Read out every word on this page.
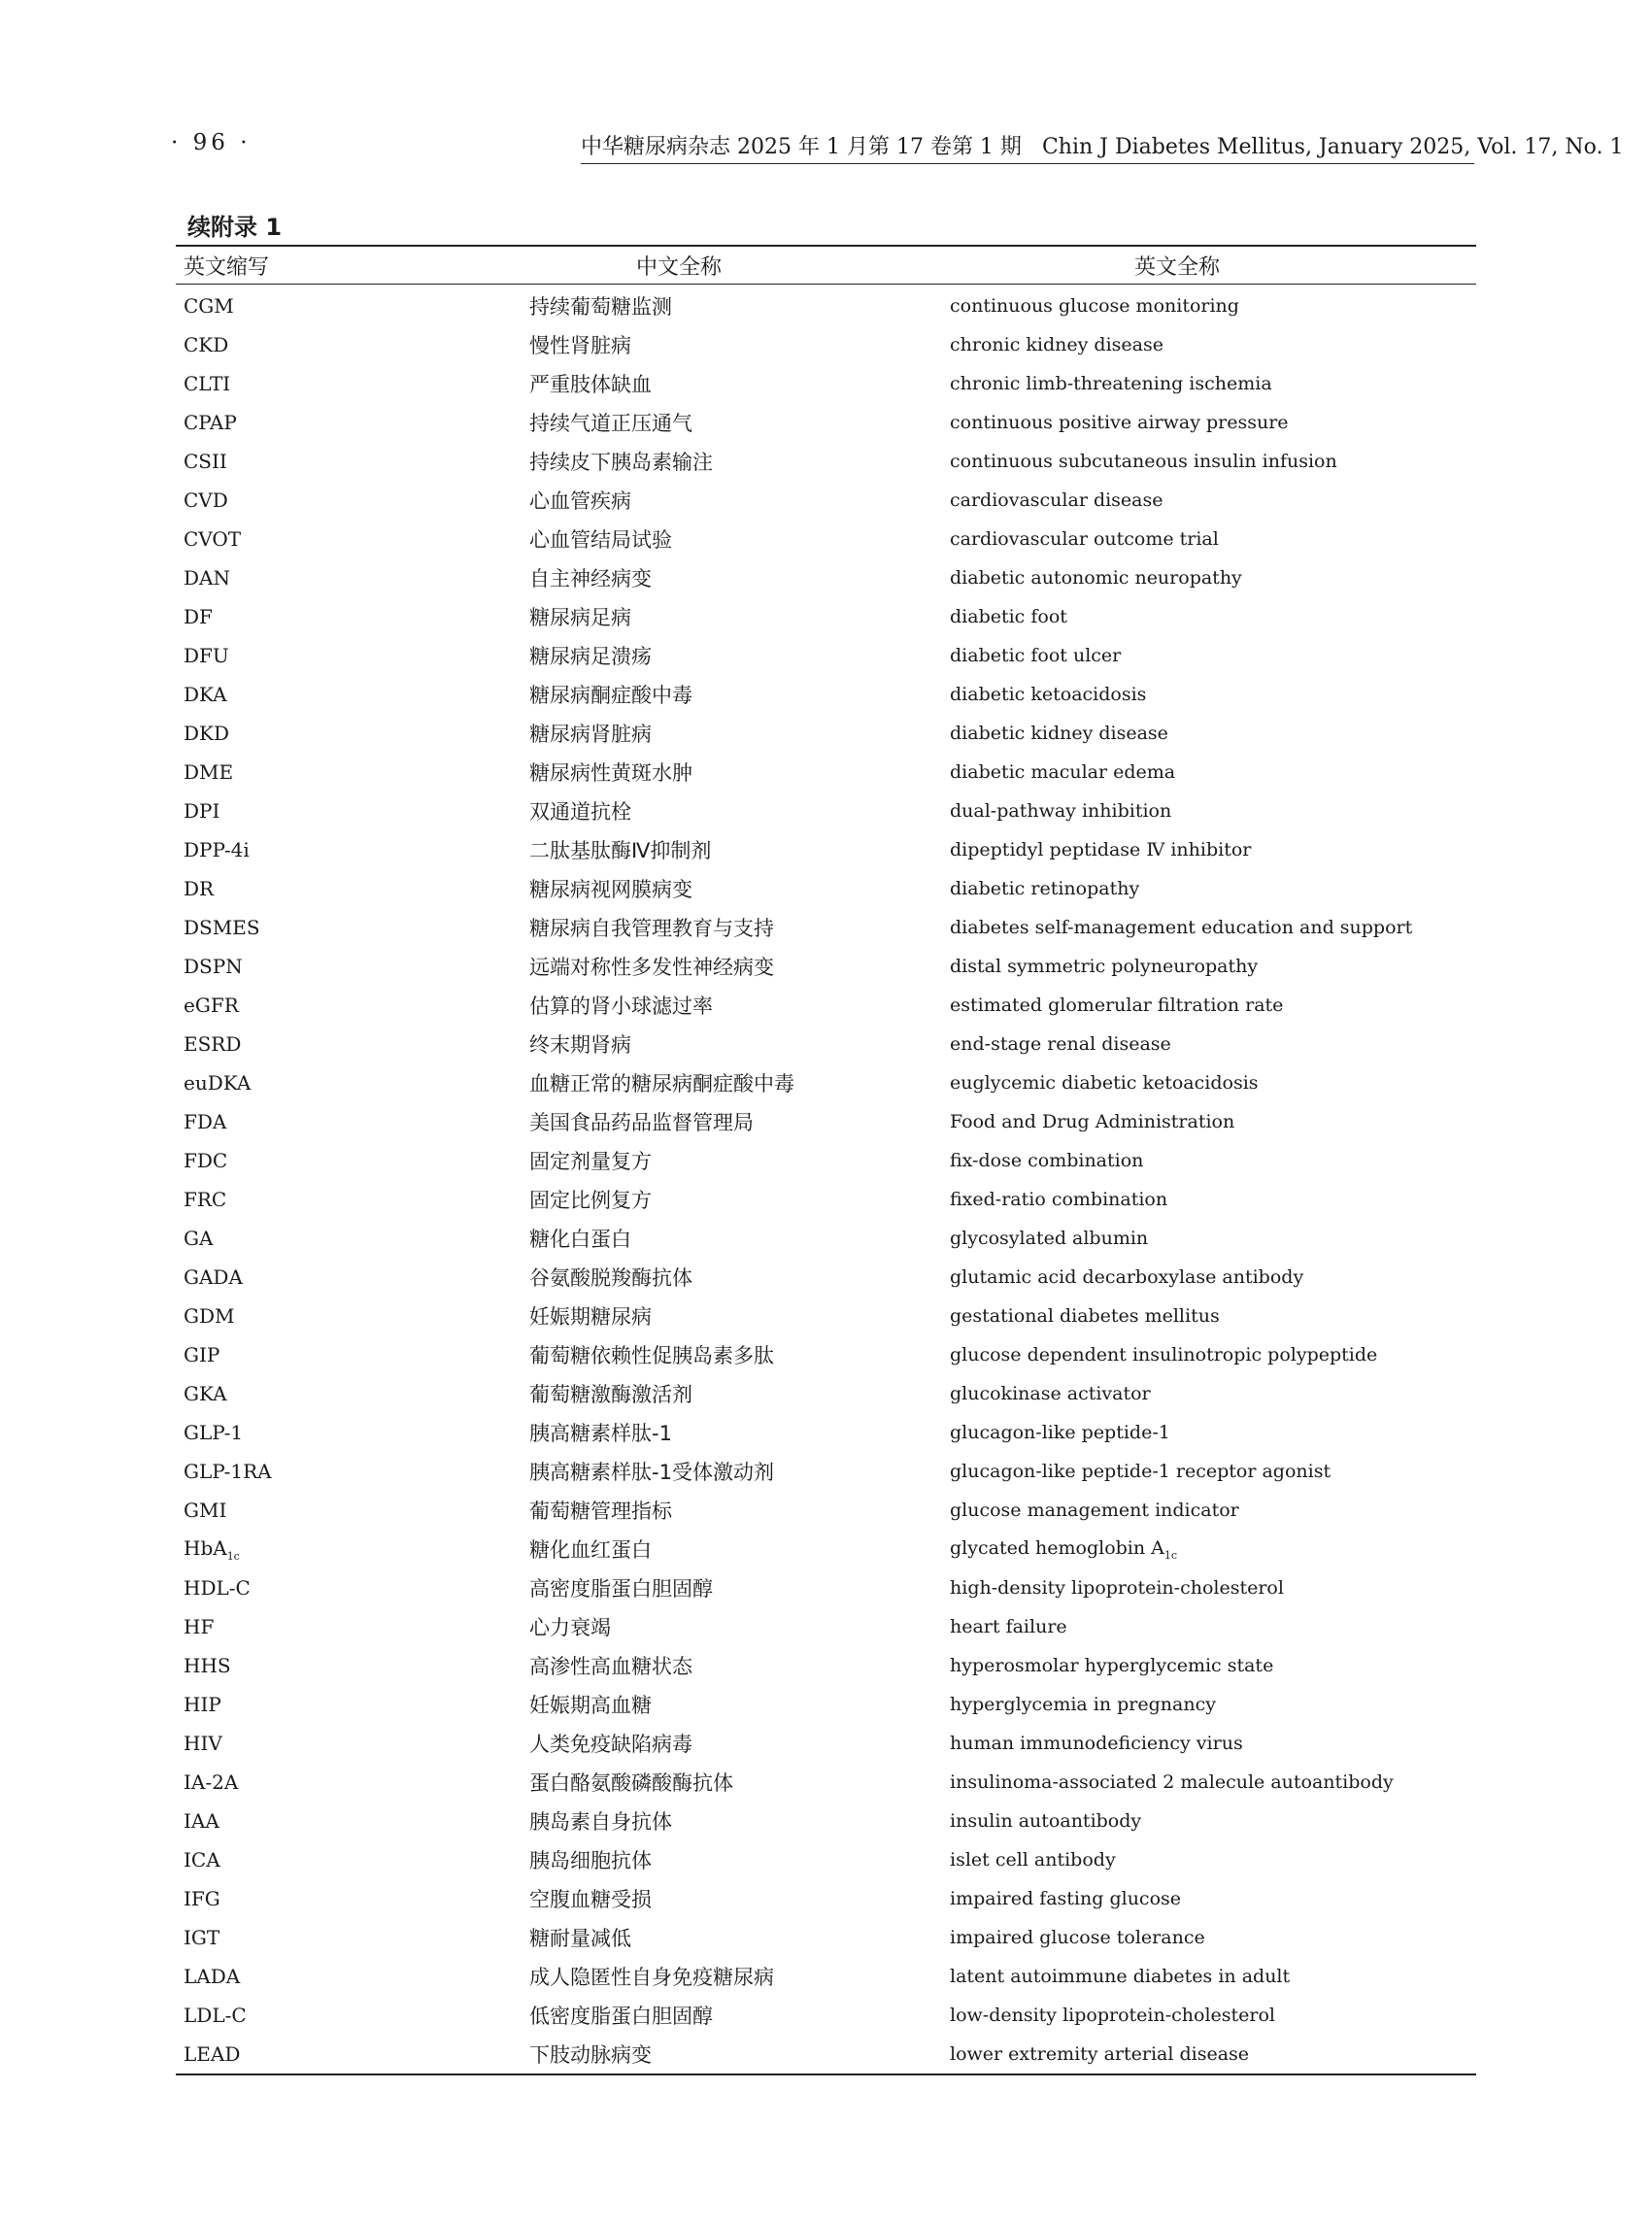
· 96 ·	中华糖尿病杂志 2025 年 1 月第 17 卷第 1 期 Chin J Diabetes Mellitus, January 2025, Vol. 17, No. 1
续附录 1
英文缩写	中文全称	英文全称
CGM	持续葡萄糖监测	continuous glucose monitoring
CKD	慢性肾脏病	chronic kidney disease
CLTI	严重肢体缺血	chronic limb-threatening ischemia
CPAP	持续气道正压通气	continuous positive airway pressure
CSII	持续皮下胰岛素输注	continuous subcutaneous insulin infusion
CVD	心血管疾病	cardiovascular disease
CVOT	心血管结局试验	cardiovascular outcome trial
DAN	自主神经病变	diabetic autonomic neuropathy
DF	糖尿病足病	diabetic foot
DFU	糖尿病足溃疡	diabetic foot ulcer
DKA	糖尿病酮症酸中毒	diabetic ketoacidosis
DKD	糖尿病肾脏病	diabetic kidney disease
DME	糖尿病性黄斑水肿	diabetic macular edema
DPI	双通道抗栓	dual-pathway inhibition
DPP-4i	二肽基肽酶Ⅳ抑制剂	dipeptidyl peptidase Ⅳ inhibitor
DR	糖尿病视网膜病变	diabetic retinopathy
DSMES	糖尿病自我管理教育与支持	diabetes self-management education and support
DSPN	远端对称性多发性神经病变	distal symmetric polyneuropathy
eGFR	估算的肾小球滤过率	estimated glomerular filtration rate
ESRD	终末期肾病	end-stage renal disease
euDKA	血糖正常的糖尿病酮症酸中毒	euglycemic diabetic ketoacidosis
FDA	美国食品药品监督管理局	Food and Drug Administration
FDC	固定剂量复方	fix-dose combination
FRC	固定比例复方	fixed-ratio combination
GA	糖化白蛋白	glycosylated albumin
GADA	谷氨酸脱羧酶抗体	glutamic acid decarboxylase antibody
GDM	妊娠期糖尿病	gestational diabetes mellitus
GIP	葡萄糖依赖性促胰岛素多肽	glucose dependent insulinotropic polypeptide
GKA	葡萄糖激酶激活剂	glucokinase activator
GLP-1	胰高糖素样肽-1	glucagon-like peptide-1
GLP-1RA	胰高糖素样肽-1受体激动剂	glucagon-like peptide-1 receptor agonist
GMI	葡萄糖管理指标	glucose management indicator
HbA$_{1c}$	糖化血红蛋白	glycated hemoglobin $A_{1c}$
HDL-C	高密度脂蛋白胆固醇	high-density lipoprotein-cholesterol
HF	心力衰竭	heart failure
HHS	高渗性高血糖状态	hyperosmolar hyperglycemic state
HIP	妊娠期高血糖	hyperglycemia in pregnancy
HIV	人类免疫缺陷病毒	human immunodeficiency virus
IA-2A	蛋白酪氨酸磷酸酶抗体	insulinoma-associated 2 malecule autoantibody
IAA	胰岛素自身抗体	insulin autoantibody
ICA	胰岛细胞抗体	islet cell antibody
IFG	空腹血糖受损	impaired fasting glucose
IGT	糖耐量减低	impaired glucose tolerance
LADA	成人隐匿性自身免疫糖尿病	latent autoimmune diabetes in adult
LDL-C	低密度脂蛋白胆固醇	low-density lipoprotein-cholesterol
LEAD	下肢动脉病变	lower extremity arterial disease
